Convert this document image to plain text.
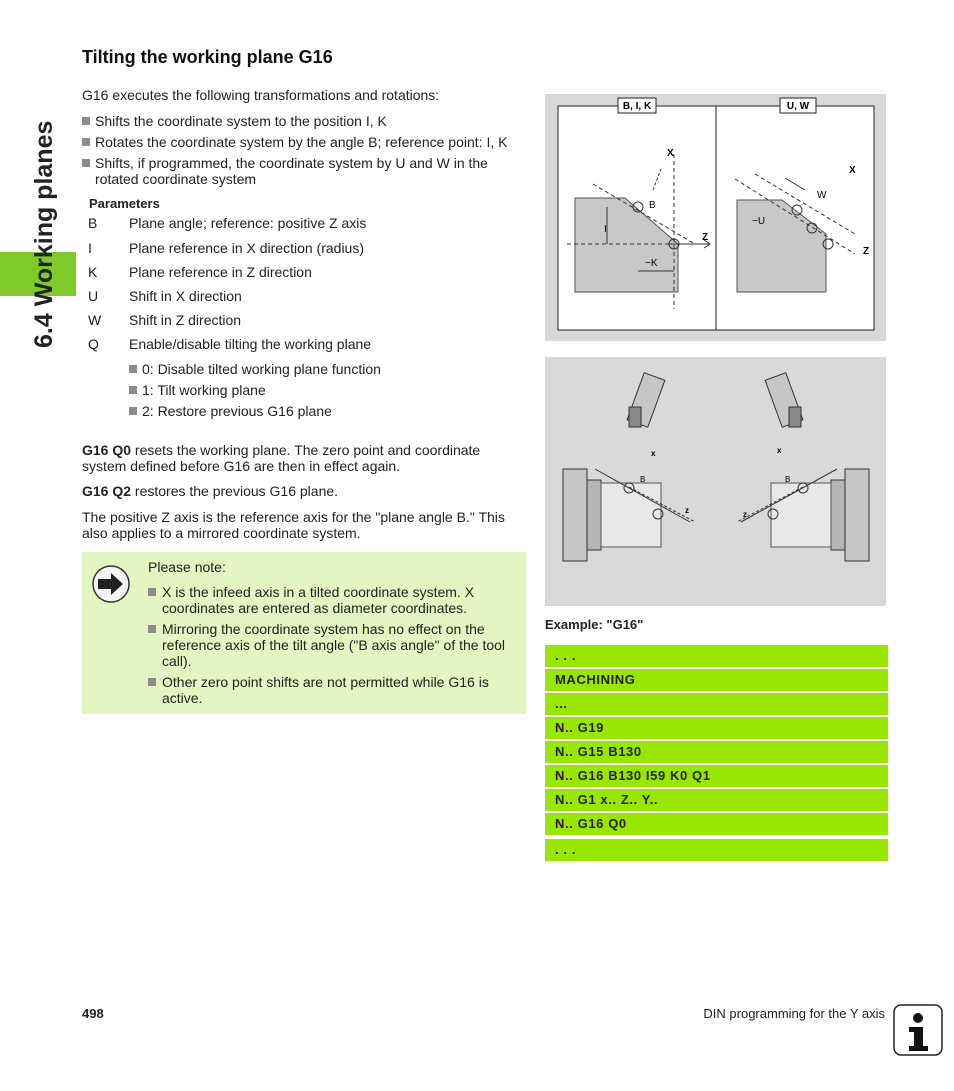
6.4 Working planes
Tilting the working plane G16
G16 executes the following transformations and rotations:
Shifts the coordinate system to the position I, K
Rotates the coordinate system by the angle B; reference point: I, K
Shifts, if programmed, the coordinate system by U and W in the rotated coordinate system
Parameters
B Plane angle; reference: positive Z axis
I	Plane reference in X direction (radius)
K Plane reference in Z direction
U Shift in X direction
W Shift in Z direction
Q Enable/disable tilting the working plane
0: Disable tilted working plane function
1: Tilt working plane
2: Restore previous G16 plane
G16 Q0 resets the working plane. The zero point and coordinate system defined before G16 are then in effect again.
G16 Q2 restores the previous G16 plane.
The positive Z axis is the reference axis for the "plane angle B." This also applies to a mirrored coordinate system.
Please note:
X is the infeed axis in a tilted coordinate system. X coordinates are entered as diameter coordinates.
Mirroring the coordinate system has no effect on the reference axis of the tilt angle ("B axis angle" of the tool call).
Other zero point shifts are not permitted while G16 is active.
B, I, K	U, W
X
Z
B
I
−K
X
Z
W
−U
x
z
B
x
z
B
Example: "G16"
. . .
MACHINING
...
N.. G19
N.. G15 B130
N.. G16 B130 I59 K0 Q1
N.. G1 x.. Z.. Y..
N.. G16 Q0
. . .
498	DIN programming for the Y axis
